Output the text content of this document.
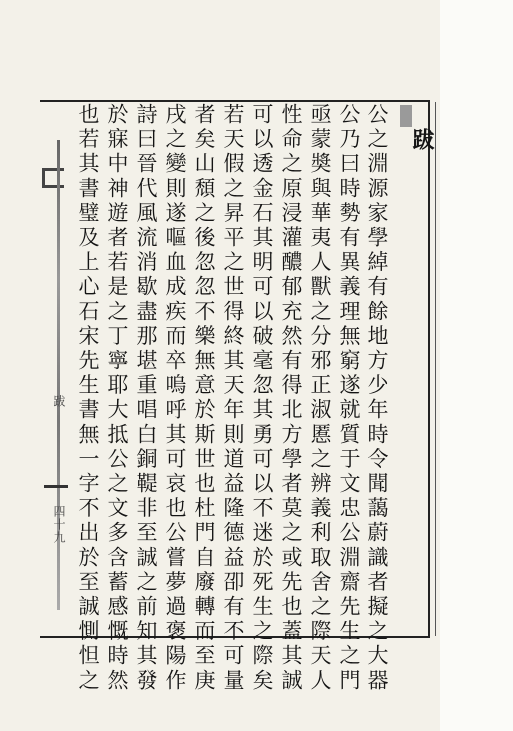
跋
四十九
跋
公之淵源家學綽有餘地方少年時令聞藹蔚識者擬之大器
公乃曰時勢有異義理無窮遂就質于文忠公淵齋先生之門
亟蒙奬與華夷人獸之分邪正淑慝之辨義利取舍之際天人
性命之原浸灌醲郁充然有得北方學者莫之或先也蓋其誠
可以透金石其明可以破毫忽其勇可以不迷於死生之際矣
若天假之昇平之世得終其天年則道益隆德益卲有不可量
者矣山頹之後忽忽不樂無意於斯世也杜門自廢轉而至庚
戌之變則遂嘔血成疾而卒嗚呼其可哀也公嘗夢過褒陽作
詩曰晉代風流消歇盡那堪重唱白銅鞮非至誠之前知其發
於寐中神遊者若是之丁寧耶大抵公之文多含蓄感慨時然
也若其書璧及上心石宋先生書無一字不出於至誠惻怛之
